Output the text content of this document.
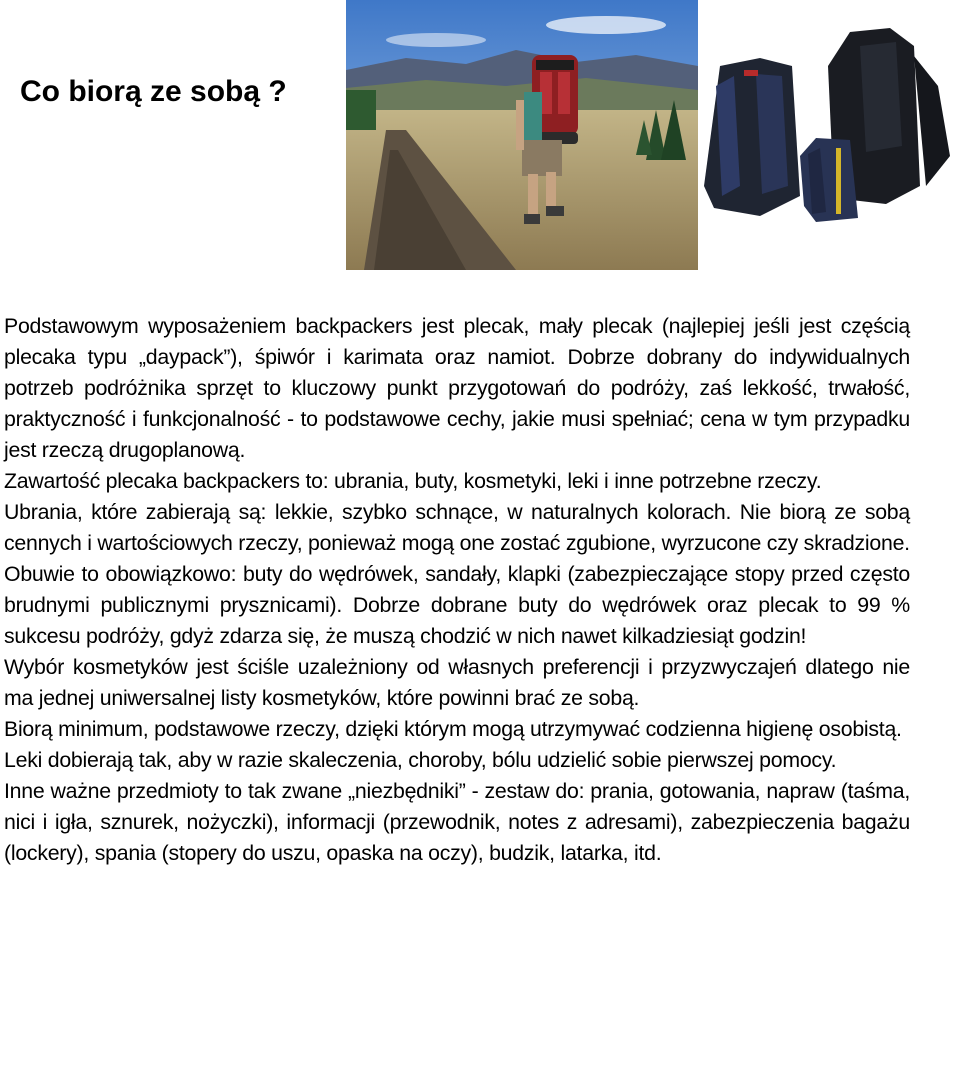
Co biorą ze sobą ?

Podstawowym wyposażeniem backpackers jest plecak, mały plecak (najlepiej jeśli jest częścią plecaka typu „daypack”), śpiwór i karimata oraz namiot. Dobrze dobrany do indywidualnych potrzeb podróżnika sprzęt to kluczowy punkt przygotowań do podróży, zaś lekkość, trwałość, praktyczność i funkcjonalność - to podstawowe cechy, jakie musi spełniać; cena w tym przypadku jest rzeczą drugoplanową.

Zawartość plecaka backpackers to: ubrania, buty, kosmetyki, leki i inne potrzebne rzeczy.

Ubrania, które zabierają są: lekkie, szybko schnące, w naturalnych kolorach. Nie biorą ze sobą cennych i wartościowych rzeczy, ponieważ mogą one zostać zgubione, wyrzucone czy skradzione.

Obuwie to obowiązkowo: buty do wędrówek, sandały, klapki (zabezpieczające stopy przed często brudnymi publicznymi prysznicami). Dobrze dobrane buty do wędrówek oraz plecak to 99 % sukcesu podróży, gdyż zdarza się, że muszą chodzić w nich nawet kilkadziesiąt godzin!

Wybór kosmetyków jest ściśle uzależniony od własnych preferencji i przyzwyczajeń dlatego nie ma jednej uniwersalnej listy kosmetyków, które powinni brać ze sobą.

Biorą minimum, podstawowe rzeczy, dzięki którym mogą utrzymywać codzienna higienę osobistą.

Leki dobierają tak, aby w razie skaleczenia, choroby, bólu udzielić sobie pierwszej pomocy.

Inne ważne przedmioty to tak zwane „niezbędniki” - zestaw do: prania, gotowania, napraw (taśma, nici i igła, sznurek, nożyczki), informacji (przewodnik, notes z adresami), zabezpieczenia bagażu (lockery), spania (stopery do uszu, opaska na oczy), budzik, latarka, itd.
